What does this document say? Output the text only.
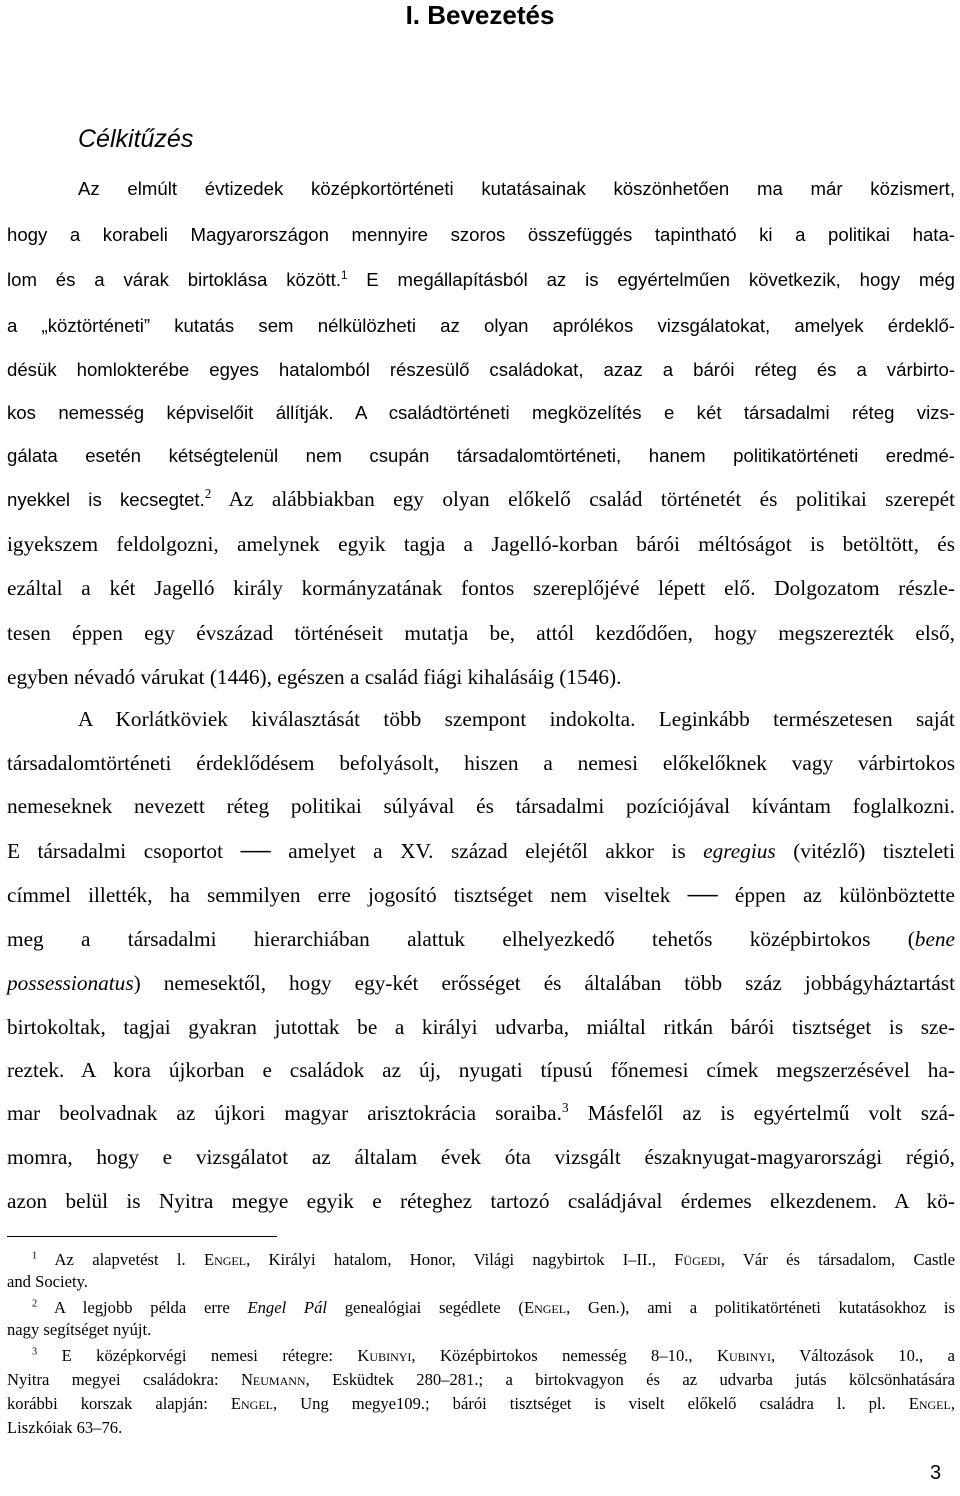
I. Bevezetés
Célkitűzés
Az elmúlt évtizedek középkortörténeti kutatásainak köszönhetően ma már közismert,
hogy a korabeli Magyarországon mennyire szoros összefüggés tapintható ki a politikai hata-
lom és a várak birtoklása között.$^1$ E megállapításból az is egyértelműen következik, hogy még
a „köztörténeti” kutatás sem nélkülözheti az olyan aprólékos vizsgálatokat, amelyek érdeklő-
désük homlokterébe egyes hatalomból részesülő családokat, azaz a bárói réteg és a várbirto-
kos nemesség képviselőit állítják. A családtörténeti megközelítés e két társadalmi réteg vizs-
gálata esetén kétségtelenül nem csupán társadalomtörténeti, hanem politikatörténeti eredmé-
nyekkel is kecsegtet.$^2$ Az alábbiakban egy olyan előkelő család történetét és politikai szerepét
igyekszem feldolgozni, amelynek egyik tagja a Jagelló-korban bárói méltóságot is betöltött, és
ezáltal a két Jagelló király kormányzatának fontos szereplőjévé lépett elő. Dolgozatom részle-
tesen éppen egy évszázad történéseit mutatja be, attól kezdődően, hogy megszerezték első,
egyben névadó várukat (1446), egészen a család fiági kihalásáig (1546).
A Korlátköviek kiválasztását több szempont indokolta. Leginkább természetesen saját
társadalomtörténeti érdeklődésem befolyásolt, hiszen a nemesi előkelőknek vagy várbirtokos
nemeseknek nevezett réteg politikai súlyával és társadalmi pozíciójával kívántam foglalkozni.
E társadalmi csoportot ── amelyet a XV. század elejétől akkor is egregius (vitézlő) tiszteleti
címmel illették, ha semmilyen erre jogosító tisztséget nem viseltek ── éppen az különböztette
meg a társadalmi hierarchiában alattuk elhelyezkedő tehetős középbirtokos (bene
possessionatus) nemesektől, hogy egy-két erősséget és általában több száz jobbágyháztartást
birtokoltak, tagjai gyakran jutottak be a királyi udvarba, miáltal ritkán bárói tisztséget is sze-
reztek. A kora újkorban e családok az új, nyugati típusú főnemesi címek megszerzésével ha-
mar beolvadnak az újkori magyar arisztokrácia soraiba.$^3$ Másfelől az is egyértelmű volt szá-
momra, hogy e vizsgálatot az általam évek óta vizsgált északnyugat-magyarországi régió,
azon belül is Nyitra megye egyik e réteghez tartozó családjával érdemes elkezdenem. A kö-
$^1$ Az alapvetést l. Engel, Királyi hatalom, Honor, Világi nagybirtok I–II., Fügedi, Vár és társadalom, Castle
and Society.
$^2$ A legjobb példa erre Engel Pál genealógiai segédlete (Engel, Gen.), ami a politikatörténeti kutatásokhoz is
nagy segítséget nyújt.
$^3$ E középkorvégi nemesi rétegre: Kubinyi, Középbirtokos nemesség 8–10., Kubinyi, Változások 10., a
Nyitra megyei családokra: Neumann, Esküdtek 280–281.; a birtokvagyon és az udvarba jutás kölcsönhatására
korábbi korszak alapján: Engel, Ung megye109.; bárói tisztséget is viselt előkelő családra l. pl. Engel,
Liszkóiak 63–76.
3
